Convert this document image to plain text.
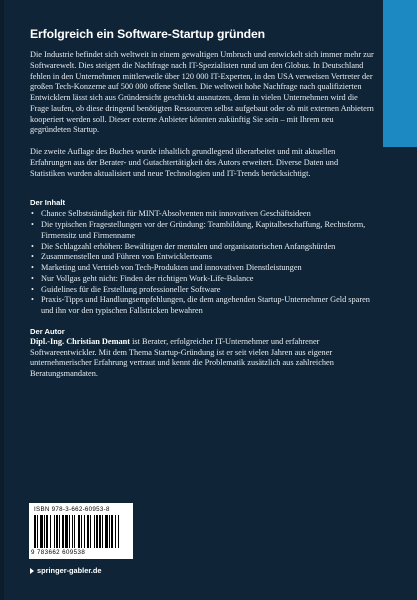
Erfolgreich ein Software-Startup gründen

Die Industrie befindet sich weltweit in einem gewaltigen Umbruch und entwickelt sich immer mehr zur Softwarewelt. Dies steigert die Nachfrage nach IT-Spezialisten rund um den Globus. In Deutschland fehlen in den Unternehmen mittlerweile über 120 000 IT-Experten, in den USA verweisen Vertreter der großen Tech-Konzerne auf 500 000 offene Stellen. Die weltweit hohe Nachfrage nach qualifizierten Entwicklern lässt sich aus Gründersicht geschickt ausnutzen, denn in vielen Unternehmen wird die Frage laufen, ob diese dringend benötigten Ressourcen selbst aufgebaut oder ob mit externen Anbietern kooperiert werden soll. Dieser externe Anbieter könnten zukünftig Sie sein – mit Ihrem neu gegründeten Startup.

Die zweite Auflage des Buches wurde inhaltlich grundlegend überarbeitet und mit aktuellen Erfahrungen aus der Berater- und Gutachtertätigkeit des Autors erweitert. Diverse Daten und Statistiken wurden aktualisiert und neue Technologien und IT-Trends berücksichtigt.

Der Inhalt
• Chance Selbstständigkeit für MINT-Absolventen mit innovativen Geschäftsideen
• Die typischen Fragestellungen vor der Gründung: Teambildung, Kapitalbeschaffung, Rechtsform, Firmensitz und Firmenname
• Die Schlagzahl erhöhen: Bewältigen der mentalen und organisatorischen Anfangshürden
• Zusammenstellen und Führen von Entwicklerteams
• Marketing und Vertrieb von Tech-Produkten und innovativen Dienstleistungen
• Nur Vollgas geht nicht: Finden der richtigen Work-Life-Balance
• Guidelines für die Erstellung professioneller Software
• Praxis-Tipps und Handlungsempfehlungen, die dem angehenden Startup-Unternehmer Geld sparen und ihn vor den typischen Fallstricken bewahren
Der Autor

Dipl.-Ing. Christian Demant ist Berater, erfolgreicher IT-Unternehmer und erfahrener Softwareentwickler. Mit dem Thema Startup-Gründung ist er seit vielen Jahren aus eigener unternehmerischer Erfahrung vertraut und kennt die Problematik zusätzlich aus zahlreichen Beratungsmandaten.

ISBN 978-3-662-60953-8
9 783662 609538
springer-gabler.de
